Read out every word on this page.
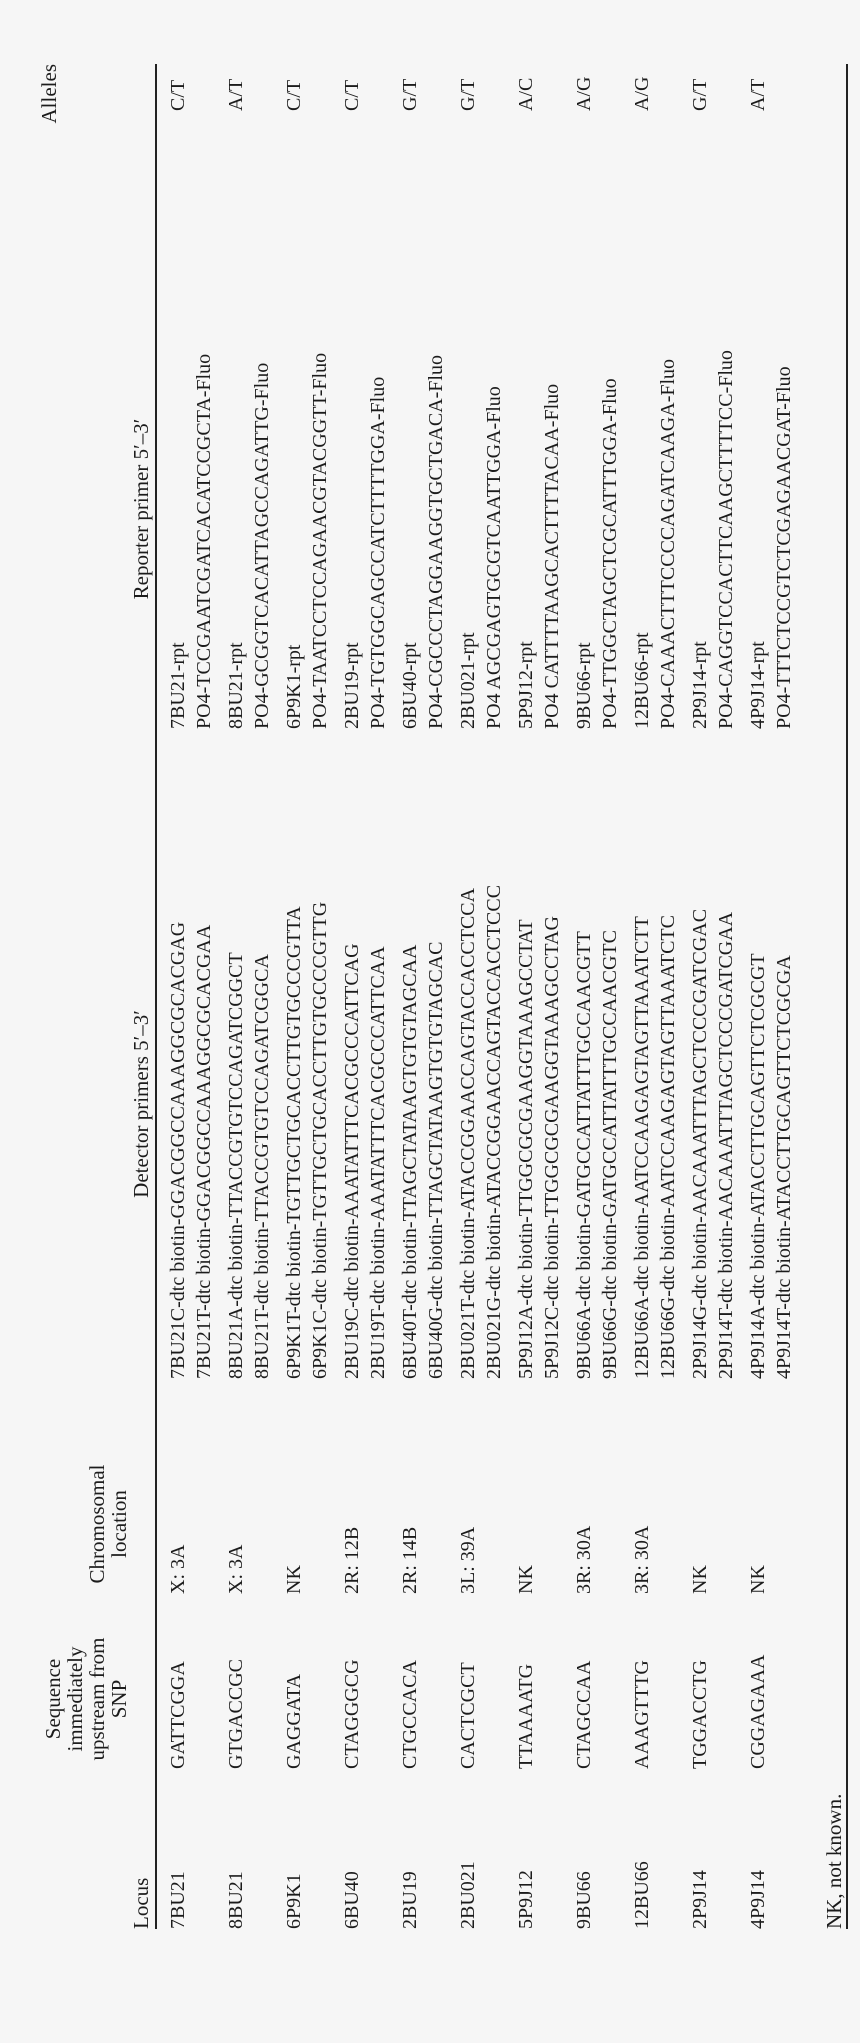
Locus
Sequence
immediately
upstream from
SNP
Chromosomal
location
Detector primers 5′–3′
Reporter primer 5′–3′
Alleles
7BU21
GATTCGGA
X: 3A
7BU21C-dtc biotin-GGACGGCCAAAGGCGCACGAG 7BU21T-dtc biotin-GGACGGCCAAAGGCGCACGAA
7BU21-rpt PO4-TCCGAATCGATCACATCCGCTA-Fluo
C/T
8BU21
GTGACCGC
X: 3A
8BU21A-dtc biotin-TTACCGTGTCCAGATCGGCT 8BU21T-dtc biotin-TTACCGTGTCCAGATCGGCA
8BU21-rpt PO4-GCGGTCACATTAGCCAGATTG-Fluo
A/T
6P9K1
GAGGATA
NK
6P9K1T-dtc biotin-TGTTGCTGCACCTTGTGCCCGTTA 6P9K1C-dtc biotin-TGTTGCTGCACCTTGTGCCCGTTG
6P9K1-rpt PO4-TAATCCTCCAGAACGTACGGTT-Fluo
C/T
6BU40
CTAGGGCG
2R: 12B
2BU19C-dtc biotin-AAATATTTCACGCCCATTCAG 2BU19T-dtc biotin-AAATATTTCACGCCCATTCAA
2BU19-rpt PO4-TGTGGCAGCCATCTTTTGGA-Fluo
C/T
2BU19
CTGCCACA
2R: 14B
6BU40T-dtc biotin-TTAGCTATAAGTGTGTAGCAA 6BU40G-dtc biotin-TTAGCTATAAGTGTGTAGCAC
6BU40-rpt PO4-CGCCCTAGGAAGGTGCTGACA-Fluo
G/T
2BU021
CACTCGCT
3L: 39A
2BU021T-dtc biotin-ATACCGGAACCAGTACCACCTCCA 2BU021G-dtc biotin-ATACCGGAACCAGTACCACCTCCC
2BU021-rpt PO4 AGCGAGTGCGTCAATTGGA-Fluo
G/T
5P9J12
TTAAAATG
NK
5P9J12A-dtc biotin-TTGGCGCGAAGGTAAAGCCTAT 5P9J12C-dtc biotin-TTGGCGCGAAGGTAAAGCCTAG
5P9J12-rpt PO4 CATTTTAAGCACTTTTACAA-Fluo
A/C
9BU66
CTAGCCAA
3R: 30A
9BU66A-dtc biotin-GATGCCATTATTTGCCAACGTT 9BU66G-dtc biotin-GATGCCATTATTTGCCAACGTC
9BU66-rpt PO4-TTGGCTAGCTCGCATTTGGA-Fluo
A/G
12BU66
AAAGTTTG
3R: 30A
12BU66A-dtc biotin-AATCCAAGAGTAGTTAAATCTT 12BU66G-dtc biotin-AATCCAAGAGTAGTTAAATCTC
12BU66-rpt PO4-CAAACTTTCCCCAGATCAAGA-Fluo
A/G
2P9J14
TGGACCTG
NK
2P9J14G-dtc biotin-AACAAATTTAGCTCCCGATCGAC 2P9J14T-dtc biotin-AACAAATTTAGCTCCCGATCGAA
2P9J14-rpt PO4-CAGGTCCACTTCAAGCTTTTCC-Fluo
G/T
4P9J14
CGGAGAAA
NK
4P9J14A-dtc biotin-ATACCTTGCAGTTCTCGCGT 4P9J14T-dtc biotin-ATACCTTGCAGTTCTCGCGA
4P9J14-rpt PO4-TTTCTCCGTCTCGAGAACGAT-Fluo
A/T
NK, not known.
